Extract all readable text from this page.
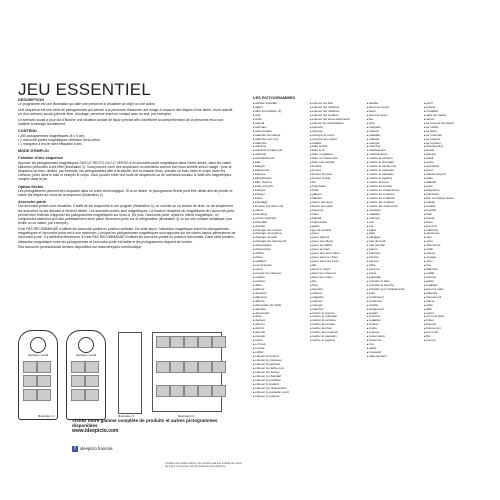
JEU ESSENTIEL
DESCRIPTION

Le programme est une illustration qui aide une personne à visualiser un objet ou une action.

Une séquence est une série de pictogrammes qui permet à la personne d'associer une image à chacune des étapes d'une tâche, d'une activité ou d'un scénario social (période libre, bricolage, personne entre en contact avec un ami, par exemple).

Le scénario social a pour but d'illustrer une situation sociale de façon précise afin d'améliorer la compréhension de la personne et/ou son habileté à interagir socialement.

CONTENU
• 280 pictogrammes magnétiques (4 x 4 cm)
• 2 accroche-portes magnétiques verticaux recto-verso
• 1 marqueur à encre noire effaçable à sec
MODE D'EMPLOI
Création d'une séquence

Apposer les pictogrammes magnétiques SUR LE RECTO OU LE VERSO d'un accroche-porte magnétique dans l'ordre désiré, dans les cases blanches (imbéciles à cet effet (Illustration 1). Vous pouvez créer des séquences ou scénarios comme bon vous semble selon l'usage : pour la séquence du bain, utilisez, par exemple, les pictogrammes aller à la toilette, tirer la chasse d'eau, prendre un bain, laver le corps, laver les cheveux, jouer dans le bain et essuyer le corps. Vous pouvez créer une foule de séquences ou de scénarios sociaux à l'aide des magnétiques compris dans le jeu.

Option fléchie

Les pictogrammes peuvent être disposés dans un ordre chronologique. Si on le désire, le pictogramme fléché peut être utilisé afin de pointer et suivre les étapes au cours de la séquence (Illustration 2).

Accroche-porte

Les accroche-portes sont versatiles. Il suffit de les suspendre à une poignée (Illustration 3), un crochet ou un bouton de tiroir, ou de simplement les accrocher ou les déposer à l'endroit désiré. Les accroche-portes sont magnétiques. La fonction réceptive du magnétisme de l'accroche-porte permet bien entendu d'apposer les pictogrammes magnétiques sur ceux-ci. De plus, l'accroche-porte, ayant lui même magnétique, on comprendra aisément qu'il faut préalablement avoir placé l'accroche-porte sur le réfrigérateur (Illustration 4) ou sur une surface métallique (une feuille ou un casier, par exemple).

Il est PAS RECOMMANDÉ d'utiliser les accroche-portes en position verticale. De cette façon, l'attraction magnétique entre les pictogrammes magnétiques et l'accroche-porte est à son maximum. Lorsque les pictogrammes magnétiques sont apposés sur les carrés blancs générateurs de l'accroche-porte. Il y adhèrent fermement. Il n'est PAS RECOMMANDÉ d'utiliser les accroche-portes en position horizontale. Dans cette position, l'attraction magnétique entre les pictogrammes et l'accroche-porte est faible et les pictogrammes risquent de tomber.

Des accroche-portes/ardoise dessins disponibles sur www.ideepicto.com/boutique

Scénario social	Scénario social
Illustration 1	Illustration 3	Illustration 4
Visitez notre gamme complète de produits et autres pictogrammes disponibles
www.ideepicto.com
f ideepicto.francais
Contient des petites pièces. Ne convient pas aux enfants de moins de 3 ans. Conserver ces informations pour référence.
LES PICTOGRAMMES
■ activité spéciale
■ agiter
■ aller à la toilette (2)
■ ami
■ amie
■ animal
■ animaux
■ anniversaire
■ attacher la mitaine
■ attendre son tour
■ attendre
■ autobus
■ autobus scolaire (2)
■ autorisé
■ avertissement
■ bain
■ balayer
■ balançoire
■ banque
■ bibliothèque
■ bien (bravo)
■ boîte à lunch
■ bonjour
■ bouger
■ boîte
■ bricolage
■ brosser les dents (2)
■ calme
■ camping
■ centre d'achats
■ chandail
■ chanter
■ changer de couche
■ changer de pyjama
■ changer la main
■ changer les vêtements
■ chaussettes
■ chaussures
■ chiffon
■ chien
■ collation
■ comprendre
■ courir
■ couper les cheveux
■ cuillère
■ cuisiner
■ dans
■ danser
■ dessiner
■ déjeuner
■ dehors
■ demander de l'aide
■ dentiste
■ descendre
■ dîner
■ docteur
■ donner
■ dormir
■ douche
■ écouter
■ écrire
■ en haut
■ en bas
■ enfiler
■ enlever le bonnet
■ enlever le manteau
■ enlever la ceinture
■ enlever la cache-cou
■ enlever les bottes
■ enlever le chandail
■ enlever le pantalon
■ enlever le foulard
■ enlever les chaussures
■ enlever le pantalon court
■ enlever le pyjama
■ enlever les bas
■ enlever les mitaines
■ enlever les mitaines
■ enlever les souliers
■ enlever les sous-vêtements
■ enlever la combinaison
■ épicerie
■ éponge
■ essuyer le corps
■ essuyer les mains
■ étudier
■ faire la fête
■ faire le lit
■ faire un gâteau
■ faire un casse-tête
■ faire une activité
■ fenêtre
■ fermer
■ fermer la porte
■ fermer la télé
■ fini
■ fourchette
■ fruits
■ gâteau
■ habiller
■ heure des jeux
■ heure du repas
■ heureux
■ hiver
■ hôpital
■ impression
■ jardin
■ jeu de société
■ jouer
■ jouer dehors
■ jouer aux blocs
■ jouer au ballon
■ jouer au parc
■ jouer aux jeux vidéo
■ jouer avec le chien
■ jouer avec les amis
■ lait
■ laver le corps
■ laver les cheveux
■ laver les mains
■ lire
■ livre
■ lunettes
■ maison
■ magasin
■ maman
■ manger
■ marcher
■ mettre le bonnet
■ mettre le manteau
■ mettre la ceinture
■ mettre les bottes
■ mettre les bas
■ mettre les mitaines
■ mettre le pantalon
■ mettre le pyjama
■ lavabo
■ laver les dents
■ laver
■ laver le corps
■ lire
■ livre
■ magasin
■ maison
■ maladie
■ malade
■ manger
■ marcher
■ médicament
■ médicaments
■ mettre la ceinture
■ mettre le chandail
■ mettre le cache-cou
■ mettre le manteau
■ mettre le pantalon
■ mettre le pyjama
■ mettre les bas
■ mettre les bottes
■ mettre les chaussures
■ mettre les lunettes
■ mettre les mitaines
■ mettre les souliers
■ mettre les vêtements
■ musique
■ natation
■ nettoyer
■ non
■ oui
■ papa
■ parc
■ partager
■ pas de bruit
■ pas toucher
■ pause
■ peinture
■ piscine
■ pleurer
■ pluie
■ pomme
■ porte
■ poubelle
■ prendre le bain
■ prendre la douche
■ prendre ses médicaments
■ prier
■ professeur
■ prudence
■ puzzle
■ rangement
■ ranger
■ recevoir
■ regarder
■ rentrer
■ repas
■ reposer
■ rester assis
■ retourner
■ rire
■ sable
■ s'asseoir
■ salle de bain
■ sortir
■ souper
■ s'habiller
■ salle de classe
■ savon
■ se brosser les dents
■ se coiffer
■ se laver
■ se moucher
■ se peigner
■ se reposer
■ shampooing
■ sieste
■ silence
■ soleil
■ sortie
■ spectacle
■ sport
■ stationnement
■ table
■ tablette
■ tapis
■ téléphone
■ télévision
■ tirer la chasse d'eau
■ toilette
■ tomber
■ toucher
■ train
■ travail
■ triste
■ trop fort
■ uniforme
■ vacances
■ vélo
■ verre
■ vêtements
■ visite
■ voiture
■ voyage
■ yeux
■ zoo
■ attention
■ oreille
■ écouter
■ parler
■ regarder
■ lever la main
■ attendre
■ doucement
■ calme
■ arrêt
■ aide
■ merci
■ s'il vous plaît
■ bravo
■ bonsoir
■ bonne nuit
■ au revoir
■ fini
■ encore
